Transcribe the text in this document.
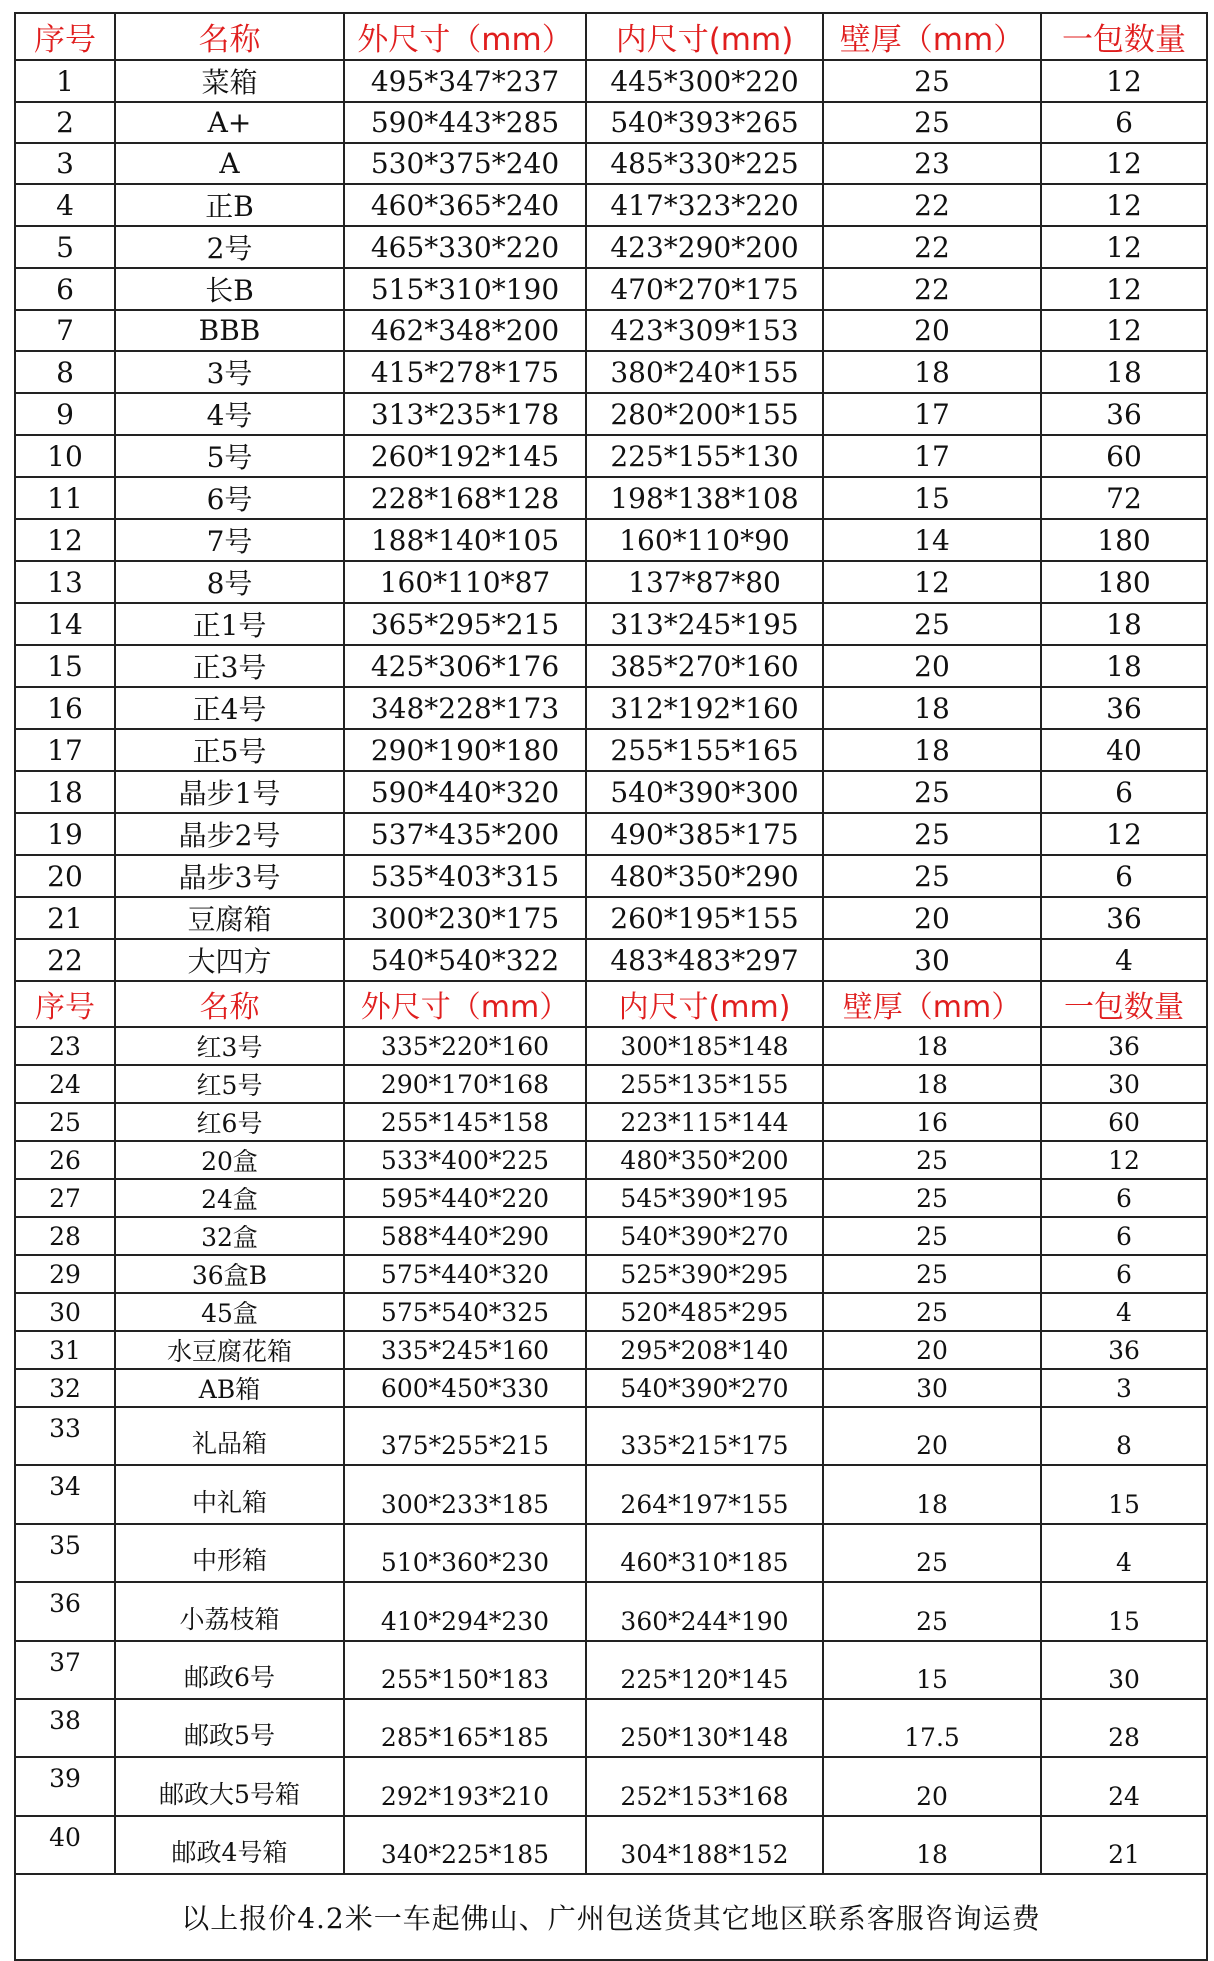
序号	名称	外尺寸（mm）	内尺寸(mm)	壁厚（mm）	一包数量
1	菜箱	495*347*237	445*300*220	25	12
2	A+	590*443*285	540*393*265	25	6
3	A	530*375*240	485*330*225	23	12
4	正B	460*365*240	417*323*220	22	12
5	2号	465*330*220	423*290*200	22	12
6	长B	515*310*190	470*270*175	22	12
7	BBB	462*348*200	423*309*153	20	12
8	3号	415*278*175	380*240*155	18	18
9	4号	313*235*178	280*200*155	17	36
10	5号	260*192*145	225*155*130	17	60
11	6号	228*168*128	198*138*108	15	72
12	7号	188*140*105	160*110*90	14	180
13	8号	160*110*87	137*87*80	12	180
14	正1号	365*295*215	313*245*195	25	18
15	正3号	425*306*176	385*270*160	20	18
16	正4号	348*228*173	312*192*160	18	36
17	正5号	290*190*180	255*155*165	18	40
18	晶步1号	590*440*320	540*390*300	25	6
19	晶步2号	537*435*200	490*385*175	25	12
20	晶步3号	535*403*315	480*350*290	25	6
21	豆腐箱	300*230*175	260*195*155	20	36
22	大四方	540*540*322	483*483*297	30	4
序号	名称	外尺寸（mm）	内尺寸(mm)	壁厚（mm）	一包数量
23	红3号	335*220*160	300*185*148	18	36
24	红5号	290*170*168	255*135*155	18	30
25	红6号	255*145*158	223*115*144	16	60
26	20盒	533*400*225	480*350*200	25	12
27	24盒	595*440*220	545*390*195	25	6
28	32盒	588*440*290	540*390*270	25	6
29	36盒B	575*440*320	525*390*295	25	6
30	45盒	575*540*325	520*485*295	25	4
31	水豆腐花箱	335*245*160	295*208*140	20	36
32	AB箱	600*450*330	540*390*270	30	3
33	礼品箱	375*255*215	335*215*175	20	8
34	中礼箱	300*233*185	264*197*155	18	15
35	中形箱	510*360*230	460*310*185	25	4
36	小荔枝箱	410*294*230	360*244*190	25	15
37	邮政6号	255*150*183	225*120*145	15	30
38	邮政5号	285*165*185	250*130*148	17.5	28
39	邮政大5号箱	292*193*210	252*153*168	20	24
40	邮政4号箱	340*225*185	304*188*152	18	21
以上报价4.2米一车起佛山、广州包送货其它地区联系客服咨询运费					
